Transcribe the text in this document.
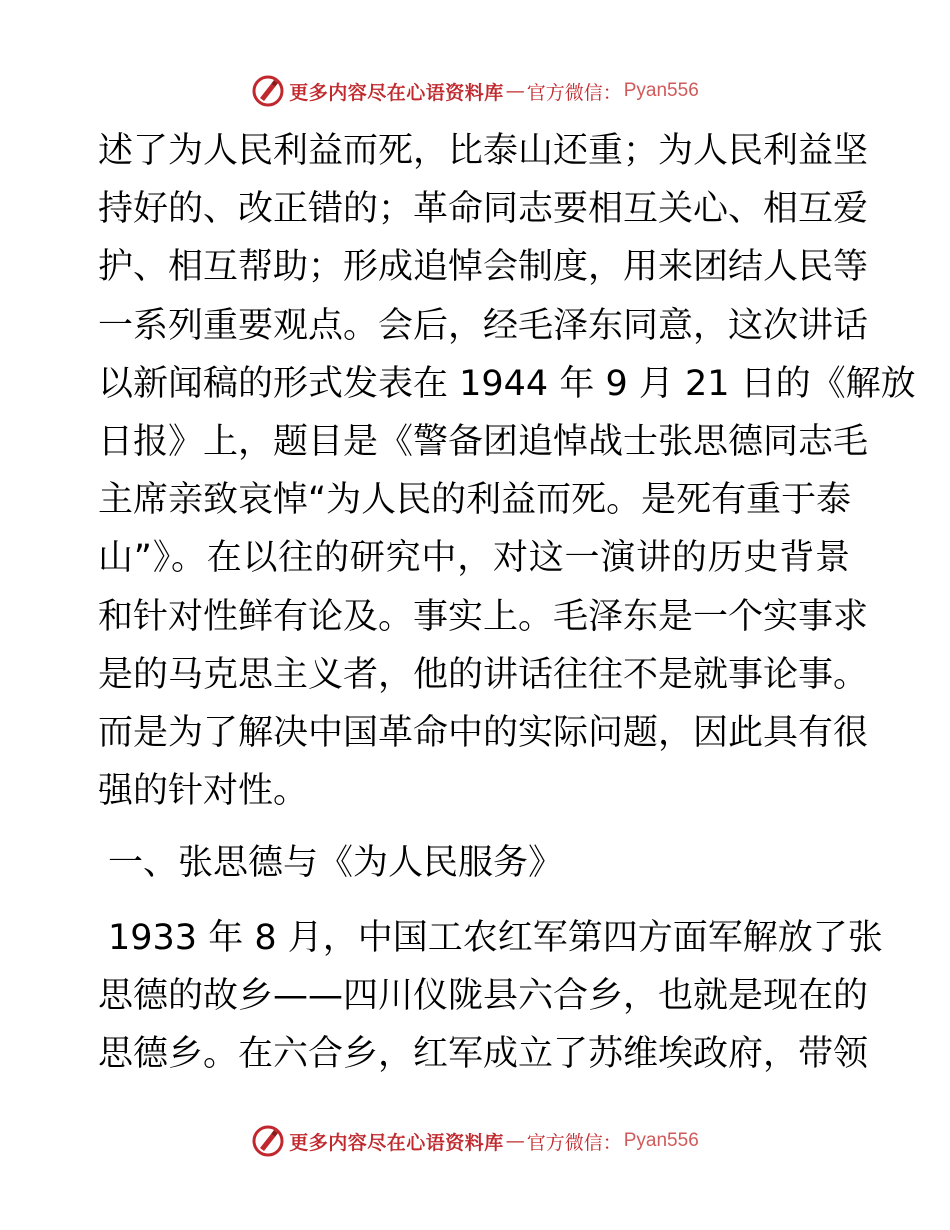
更多内容尽在心语资料库 — 官方微信： Pyan556
述了为人民利益而死，比泰山还重；为人民利益坚
持好的、改正错的；革命同志要相互关心、相互爱
护、相互帮助；形成追悼会制度，用来团结人民等
一系列重要观点。会后，经毛泽东同意，这次讲话
以新闻稿的形式发表在 1944 年 9 月 21 日的《解放
日报》上，题目是《警备团追悼战士张思德同志毛
主席亲致哀悼“为人民的利益而死。是死有重于泰
山”》。在以往的研究中，对这一演讲的历史背景
和针对性鲜有论及。事实上。毛泽东是一个实事求
是的马克思主义者，他的讲话往往不是就事论事。
而是为了解决中国革命中的实际问题，因此具有很
强的针对性。
一、张思德与《为人民服务》
1933 年 8 月，中国工农红军第四方面军解放了张
思德的故乡——四川仪陇县六合乡，也就是现在的
思德乡。在六合乡，红军成立了苏维埃政府，带领
更多内容尽在心语资料库 — 官方微信： Pyan556
